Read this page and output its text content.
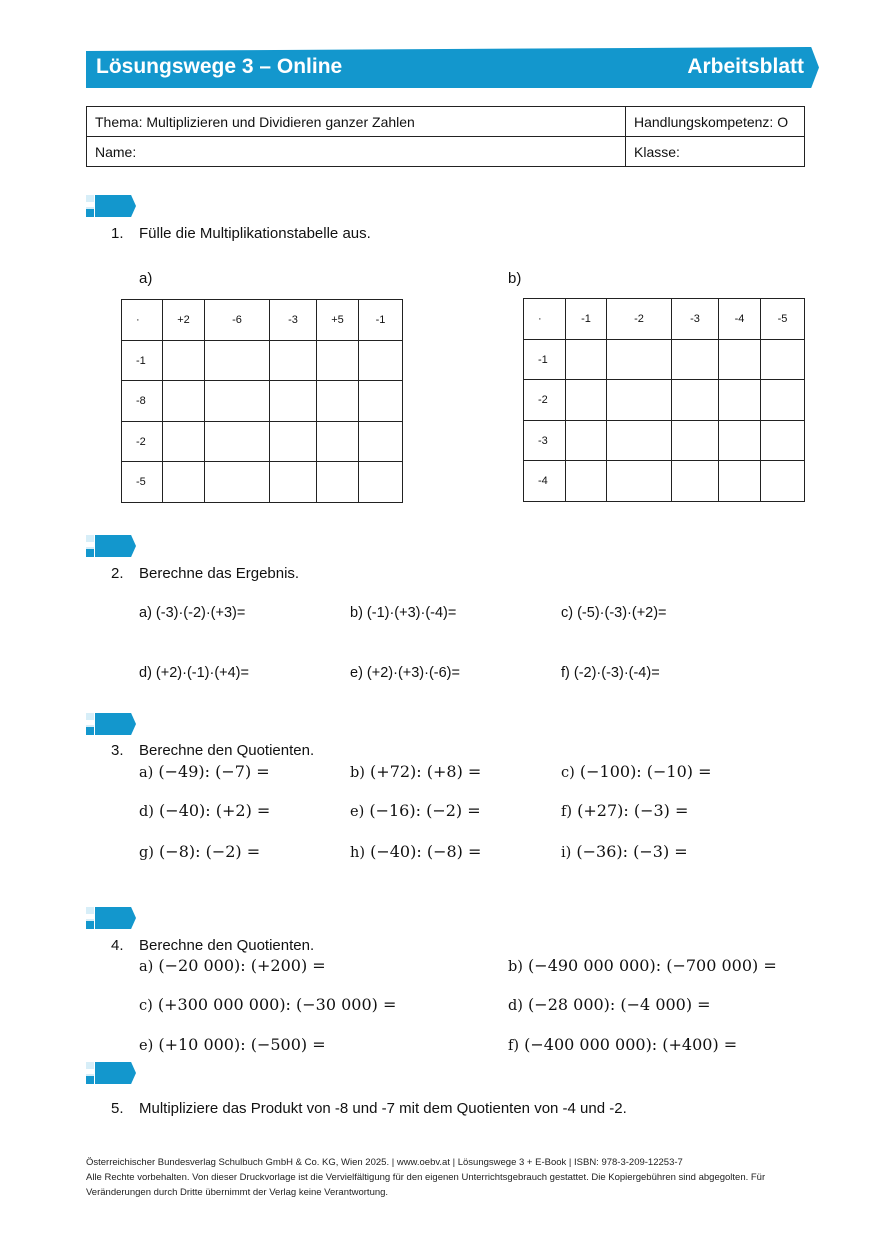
Lösungswege 3 – Online	Arbeitsblatt
Thema: Multiplizieren und Dividieren ganzer Zahlen	Handlungskompetenz: O
Name:	Klasse:
1. Fülle die Multiplikationstabelle aus.
a)	b)
·	+2	-6	-3	+5	-1
-1					
-8					
-2					
-5					
·	-1	-2	-3	-4	-5
-1					
-2					
-3					
-4					
2. Berechne das Ergebnis.
a) (-3)·(-2)·(+3)=	b) (-1)·(+3)·(-4)=	c) (-5)·(-3)·(+2)=
d) (+2)·(-1)·(+4)=	e) (+2)·(+3)·(-6)=	f) (-2)·(-3)·(-4)=
3. Berechne den Quotienten.
a) (−49): (−7) =	b) (+72): (+8) =	c) (−100): (−10) =
d) (−40): (+2) =	e) (−16): (−2) =	f) (+27): (−3) =
g) (−8): (−2) =	h) (−40): (−8) =	i) (−36): (−3) =
4. Berechne den Quotienten.
a) (−20 000): (+200) =	b) (−490 000 000): (−700 000) =
c) (+300 000 000): (−30 000) =	d) (−28 000): (−4 000) =
e) (+10 000): (−500) =	f) (−400 000 000): (+400) =
5. Multipliziere das Produkt von -8 und -7 mit dem Quotienten von -4 und -2.
Österreichischer Bundesverlag Schulbuch GmbH & Co. KG, Wien 2025. | www.oebv.at | Lösungswege 3 + E-Book | ISBN: 978-3-209-12253-7
Alle Rechte vorbehalten. Von dieser Druckvorlage ist die Vervielfältigung für den eigenen Unterrichtsgebrauch gestattet. Die Kopiergebühren sind abgegolten. Für
Veränderungen durch Dritte übernimmt der Verlag keine Verantwortung.
